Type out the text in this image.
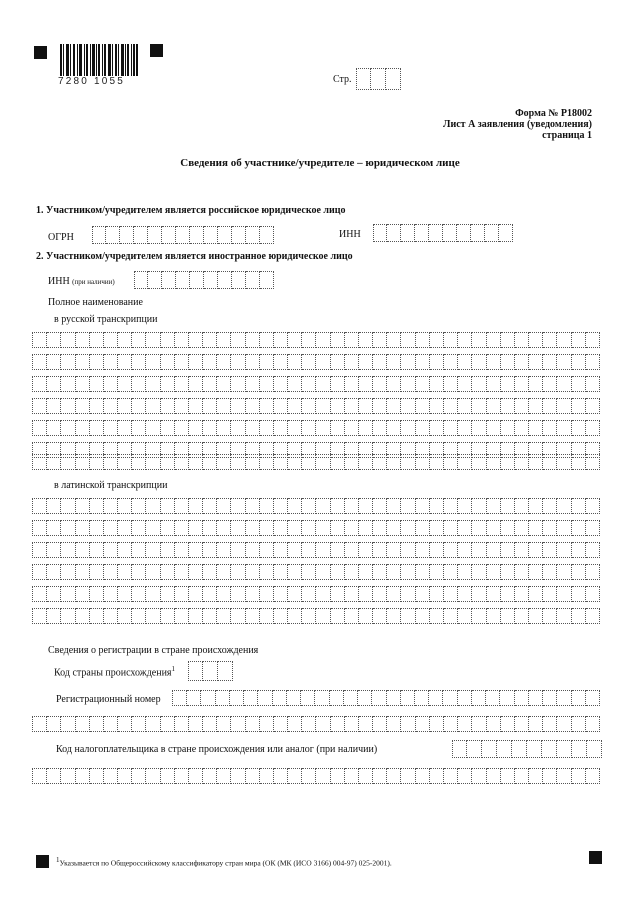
7280 1055	Стр.
Форма № Р18002
Лист А заявления (уведомления)
страница 1
Сведения об участнике/учредителе – юридическом лице
1. Участником/учредителем является российское юридическое лицо
ОГРН	ИНН
2. Участником/учредителем является иностранное юридическое лицо
ИНН (при наличии)
Полное наименование
в русской транскрипции
в латинской транскрипции
Сведения о регистрации в стране происхождения
Код страны происхождения$^1$
Регистрационный номер
Код налогоплательщика в стране происхождения или аналог (при наличии)
$^1$Указывается по Общероссийскому классификатору стран мира (ОК (МК (ИСО 3166) 004-97) 025-2001).
